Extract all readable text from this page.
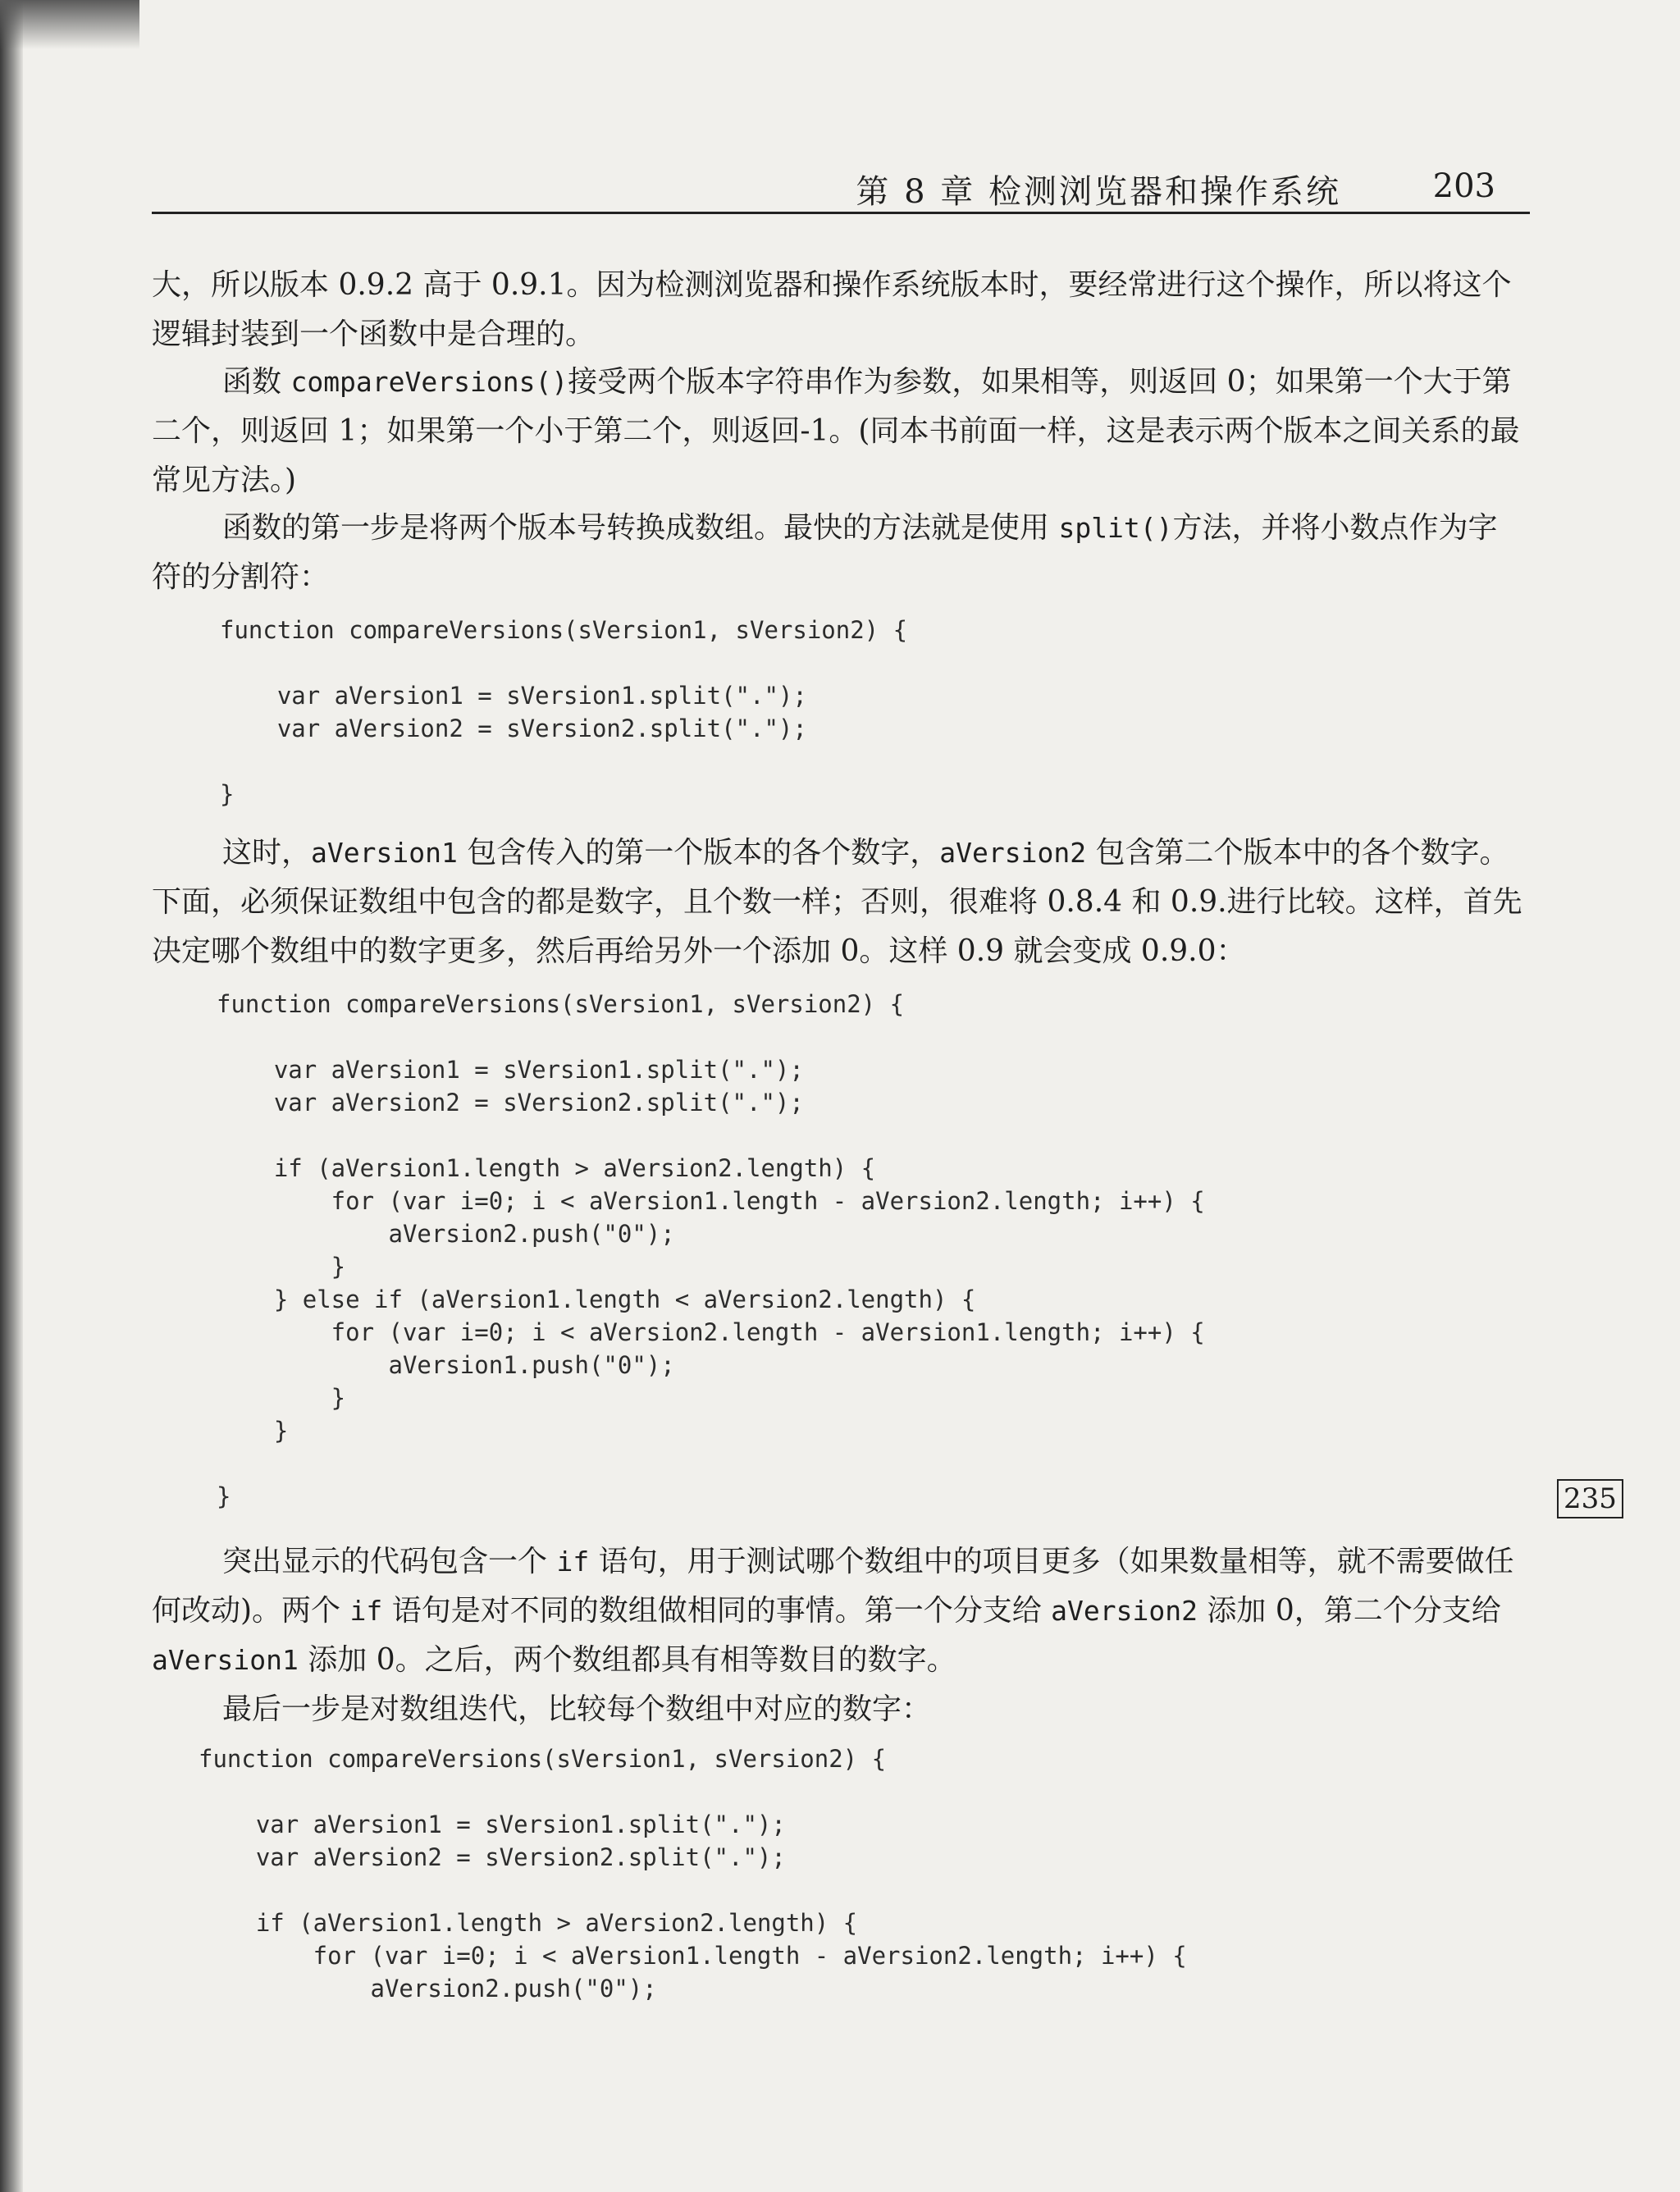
第 8 章 检测浏览器和操作系统	203

大，所以版本 0.9.2 高于 0.9.1。因为检测浏览器和操作系统版本时，要经常进行这个操作，所以将这个逻辑封装到一个函数中是合理的。

函数 compareVersions()接受两个版本字符串作为参数，如果相等，则返回 0；如果第一个大于第二个，则返回 1；如果第一个小于第二个，则返回-1。(同本书前面一样，这是表示两个版本之间关系的最常见方法。)

函数的第一步是将两个版本号转换成数组。最快的方法就是使用 split()方法，并将小数点作为字符的分割符：

function compareVersions(sVersion1, sVersion2) {

var aVersion1 = sVersion1.split(".");
var aVersion2 = sVersion2.split(".");

}

这时，aVersion1 包含传入的第一个版本的各个数字，aVersion2 包含第二个版本中的各个数字。下面，必须保证数组中包含的都是数字，且个数一样；否则，很难将 0.8.4 和 0.9.进行比较。这样，首先决定哪个数组中的数字更多，然后再给另外一个添加 0。这样 0.9 就会变成 0.9.0：

function compareVersions(sVersion1, sVersion2) {

var aVersion1 = sVersion1.split(".");
var aVersion2 = sVersion2.split(".");

if (aVersion1.length > aVersion2.length) {
for (var i=0; i < aVersion1.length - aVersion2.length; i++) {
aVersion2.push("0");
}
} else if (aVersion1.length < aVersion2.length) {
for (var i=0; i < aVersion2.length - aVersion1.length; i++) {
aVersion1.push("0");
}
}

}	235

突出显示的代码包含一个 if 语句，用于测试哪个数组中的项目更多（如果数量相等，就不需要做任何改动)。两个 if 语句是对不同的数组做相同的事情。第一个分支给 aVersion2 添加 0，第二个分支给 aVersion1 添加 0。之后，两个数组都具有相等数目的数字。

最后一步是对数组迭代，比较每个数组中对应的数字：

function compareVersions(sVersion1, sVersion2) {

var aVersion1 = sVersion1.split(".");
var aVersion2 = sVersion2.split(".");

if (aVersion1.length > aVersion2.length) {
for (var i=0; i < aVersion1.length - aVersion2.length; i++) {
aVersion2.push("0");
